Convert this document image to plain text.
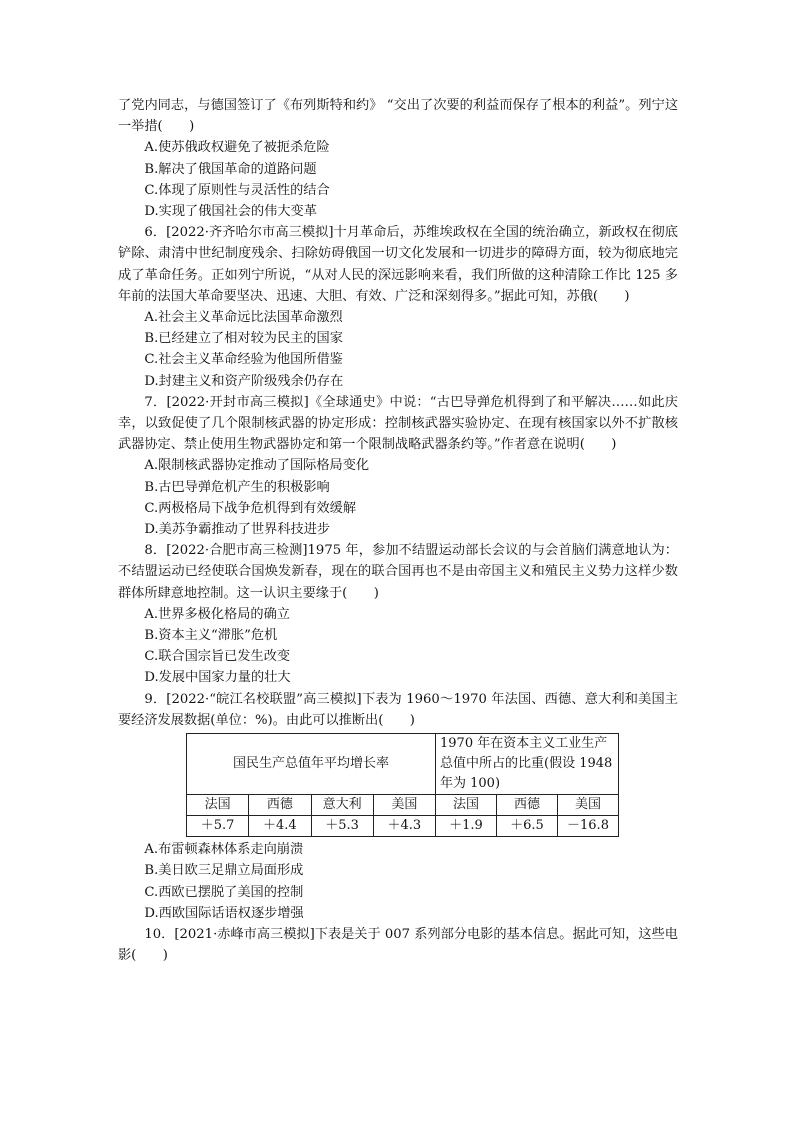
了党内同志，与德国签订了《布列斯特和约》 “交出了次要的利益而保存了根本的利益”。列宁这一举措(　　)

A.使苏俄政权避免了被扼杀危险

B.解决了俄国革命的道路问题

C.体现了原则性与灵活性的结合

D.实现了俄国社会的伟大变革

6．[2022·齐齐哈尔市高三模拟]十月革命后，苏维埃政权在全国的统治确立，新政权在彻底铲除、肃清中世纪制度残余、扫除妨碍俄国一切文化发展和一切进步的障碍方面，较为彻底地完成了革命任务。正如列宁所说，“从对人民的深远影响来看，我们所做的这种清除工作比 125 多年前的法国大革命要坚决、迅速、大胆、有效、广泛和深刻得多。”据此可知，苏俄(　　)

A.社会主义革命远比法国革命激烈

B.已经建立了相对较为民主的国家

C.社会主义革命经验为他国所借鉴

D.封建主义和资产阶级残余仍存在

7．[2022·开封市高三模拟]《全球通史》中说：“古巴导弹危机得到了和平解决……如此庆幸，以致促使了几个限制核武器的协定形成：控制核武器实验协定、在现有核国家以外不扩散核武器协定、禁止使用生物武器协定和第一个限制战略武器条约等。”作者意在说明(　　)

A.限制核武器协定推动了国际格局变化

B.古巴导弹危机产生的积极影响

C.两极格局下战争危机得到有效缓解

D.美苏争霸推动了世界科技进步

8．[2022·合肥市高三检测]1975 年，参加不结盟运动部长会议的与会首脑们满意地认为：不结盟运动已经使联合国焕发新春，现在的联合国再也不是由帝国主义和殖民主义势力这样少数群体所肆意地控制。这一认识主要缘于(　　)

A.世界多极化格局的确立

B.资本主义“滞胀”危机

C.联合国宗旨已发生改变

D.发展中国家力量的壮大

9．[2022·“皖江名校联盟”高三模拟]下表为 1960～1970 年法国、西德、意大利和美国主要经济发展数据(单位：%)。由此可以推断出(　　)

国民生产总值年平均增长率				1970 年在资本主义工业生产总值中所占的比重(假设 1948 年为 100)		
法国	西德	意大利	美国	法国	西德	美国
＋5.7	＋4.4	＋5.3	＋4.3	＋1.9	＋6.5	－16.8

A.布雷顿森林体系走向崩溃

B.美日欧三足鼎立局面形成

C.西欧已摆脱了美国的控制

D.西欧国际话语权逐步增强

10．[2021·赤峰市高三模拟]下表是关于 007 系列部分电影的基本信息。据此可知，这些电影(　　)
